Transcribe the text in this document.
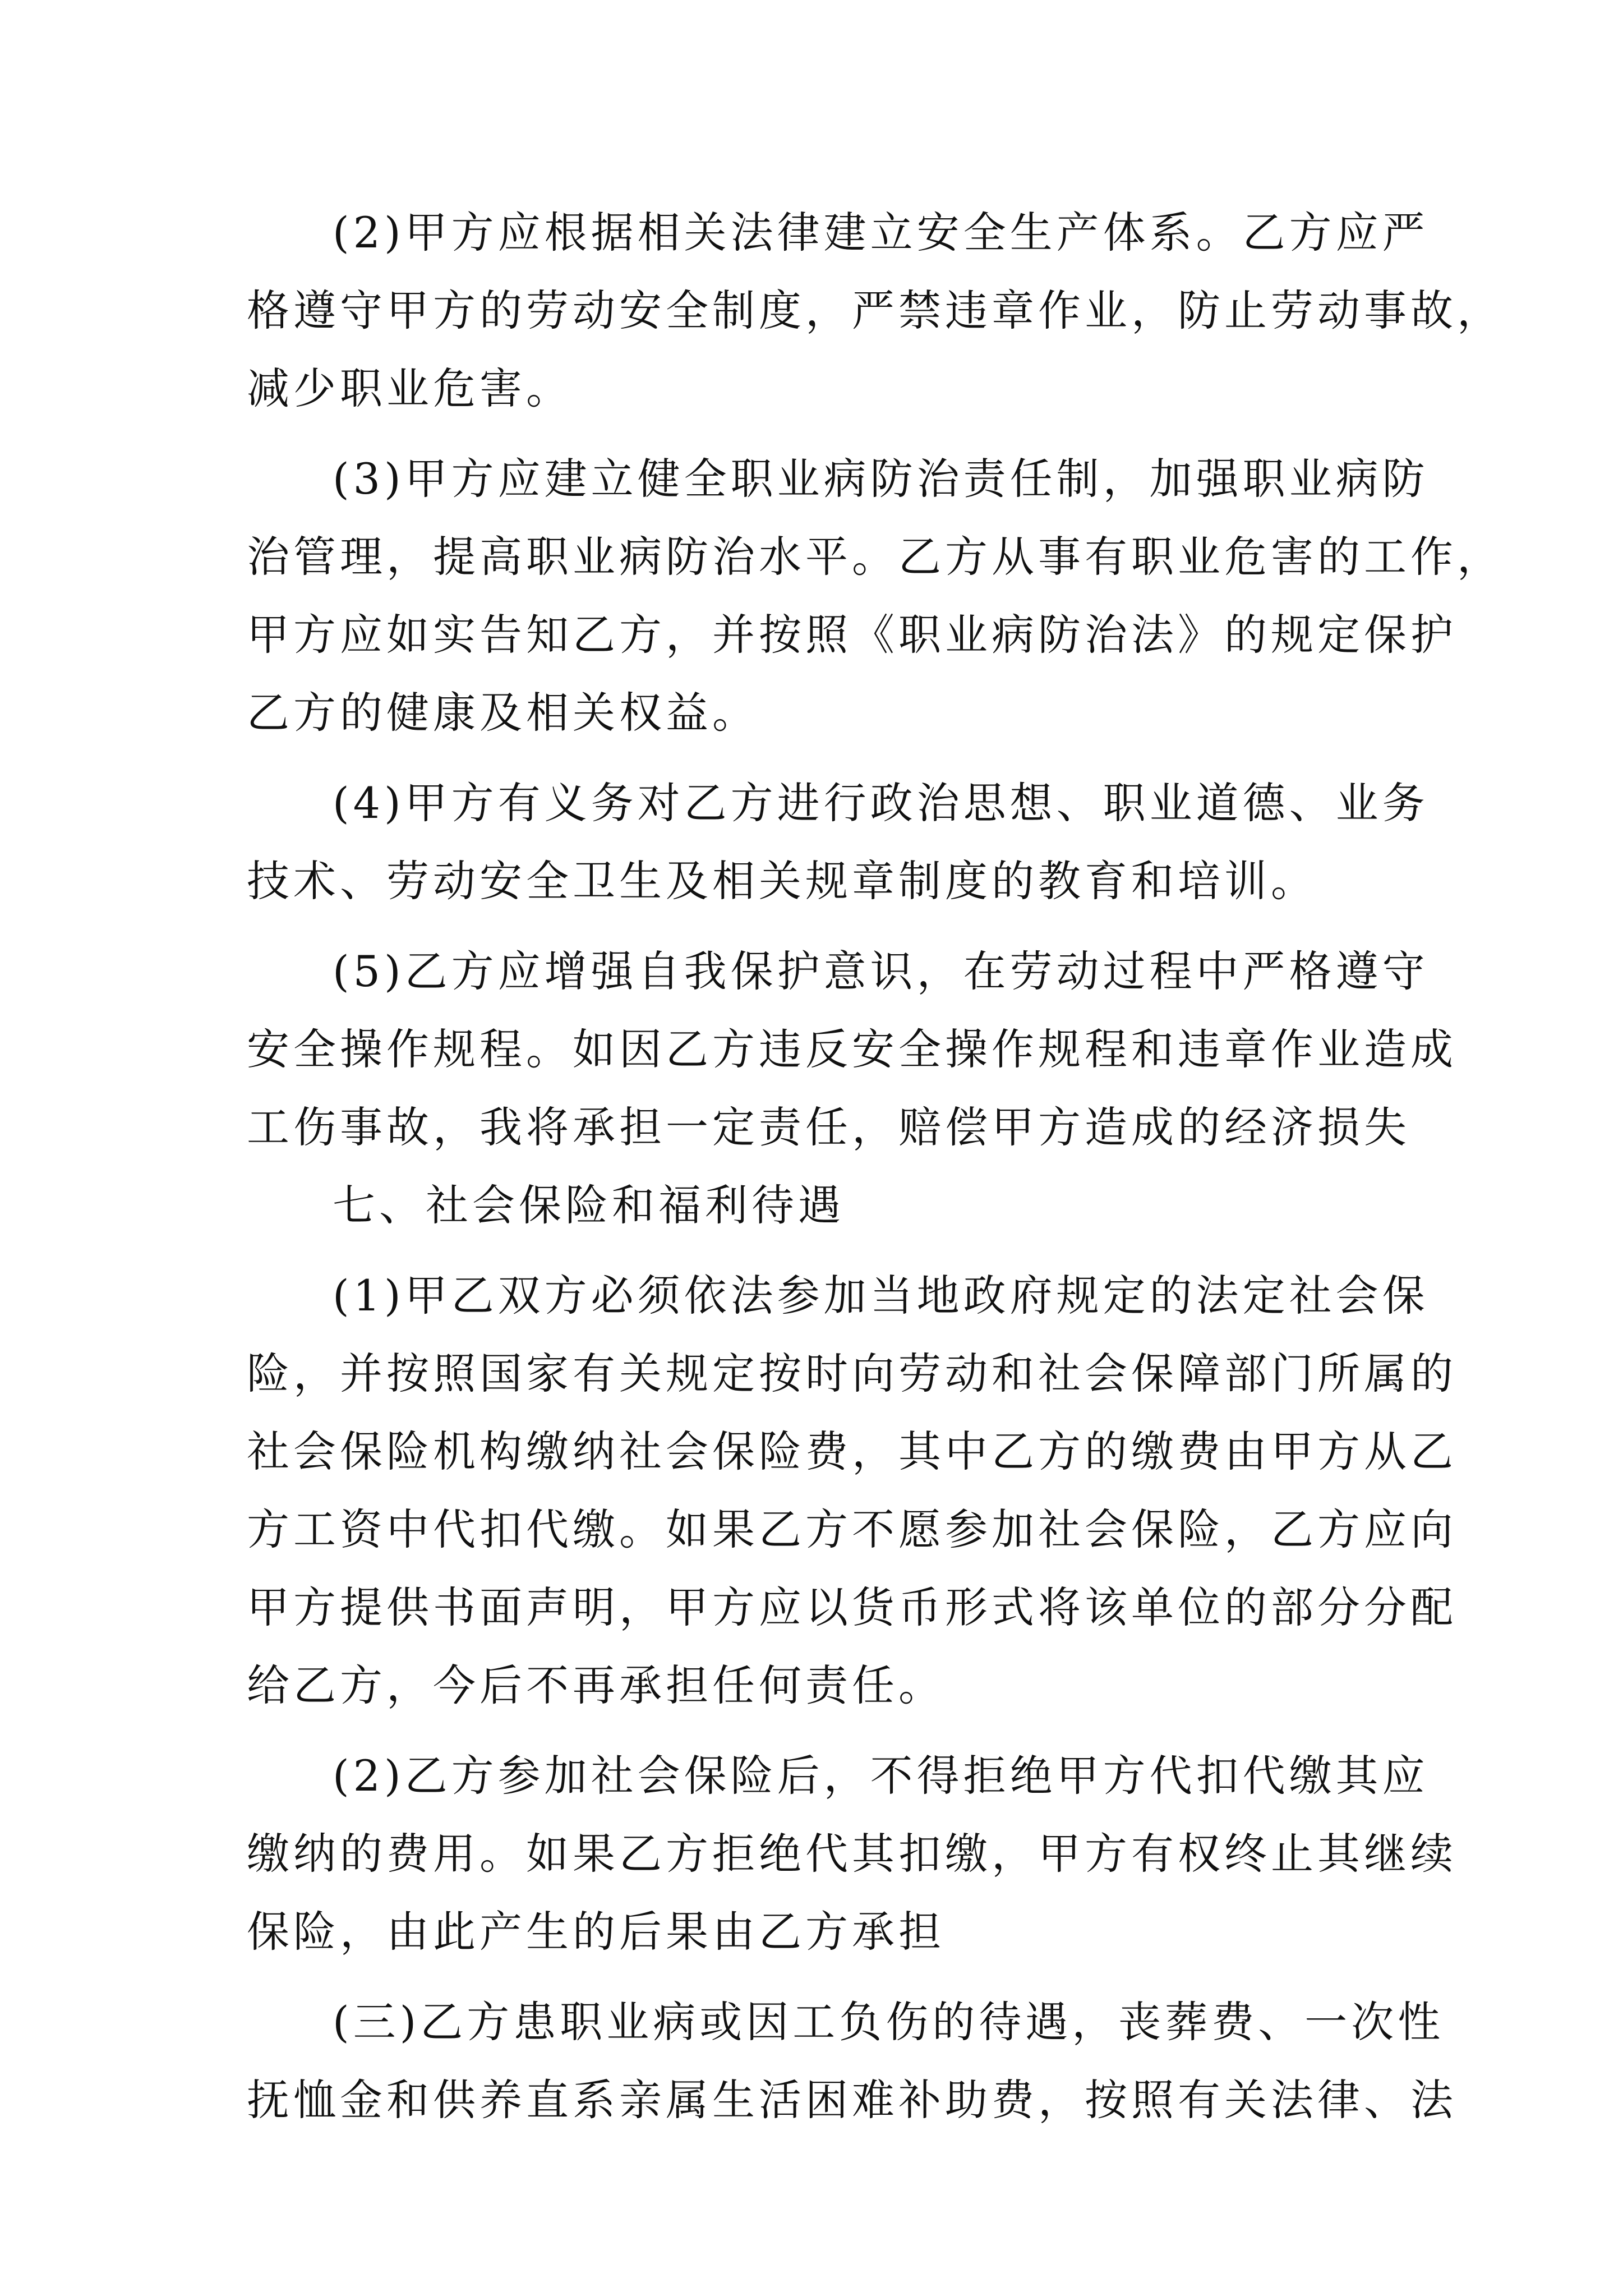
(2)甲方应根据相关法律建立安全生产体系。乙方应严
格遵守甲方的劳动安全制度，严禁违章作业，防止劳动事故，
减少职业危害。
(3)甲方应建立健全职业病防治责任制，加强职业病防
治管理，提高职业病防治水平。乙方从事有职业危害的工作，
甲方应如实告知乙方，并按照《职业病防治法》的规定保护
乙方的健康及相关权益。
(4)甲方有义务对乙方进行政治思想、职业道德、业务
技术、劳动安全卫生及相关规章制度的教育和培训。
(5)乙方应增强自我保护意识，在劳动过程中严格遵守
安全操作规程。如因乙方违反安全操作规程和违章作业造成
工伤事故，我将承担一定责任，赔偿甲方造成的经济损失
七、社会保险和福利待遇
(1)甲乙双方必须依法参加当地政府规定的法定社会保
险，并按照国家有关规定按时向劳动和社会保障部门所属的
社会保险机构缴纳社会保险费，其中乙方的缴费由甲方从乙
方工资中代扣代缴。如果乙方不愿参加社会保险，乙方应向
甲方提供书面声明，甲方应以货币形式将该单位的部分分配
给乙方，今后不再承担任何责任。
(2)乙方参加社会保险后，不得拒绝甲方代扣代缴其应
缴纳的费用。如果乙方拒绝代其扣缴，甲方有权终止其继续
保险，由此产生的后果由乙方承担
(三)乙方患职业病或因工负伤的待遇，丧葬费、一次性
抚恤金和供养直系亲属生活困难补助费，按照有关法律、法
